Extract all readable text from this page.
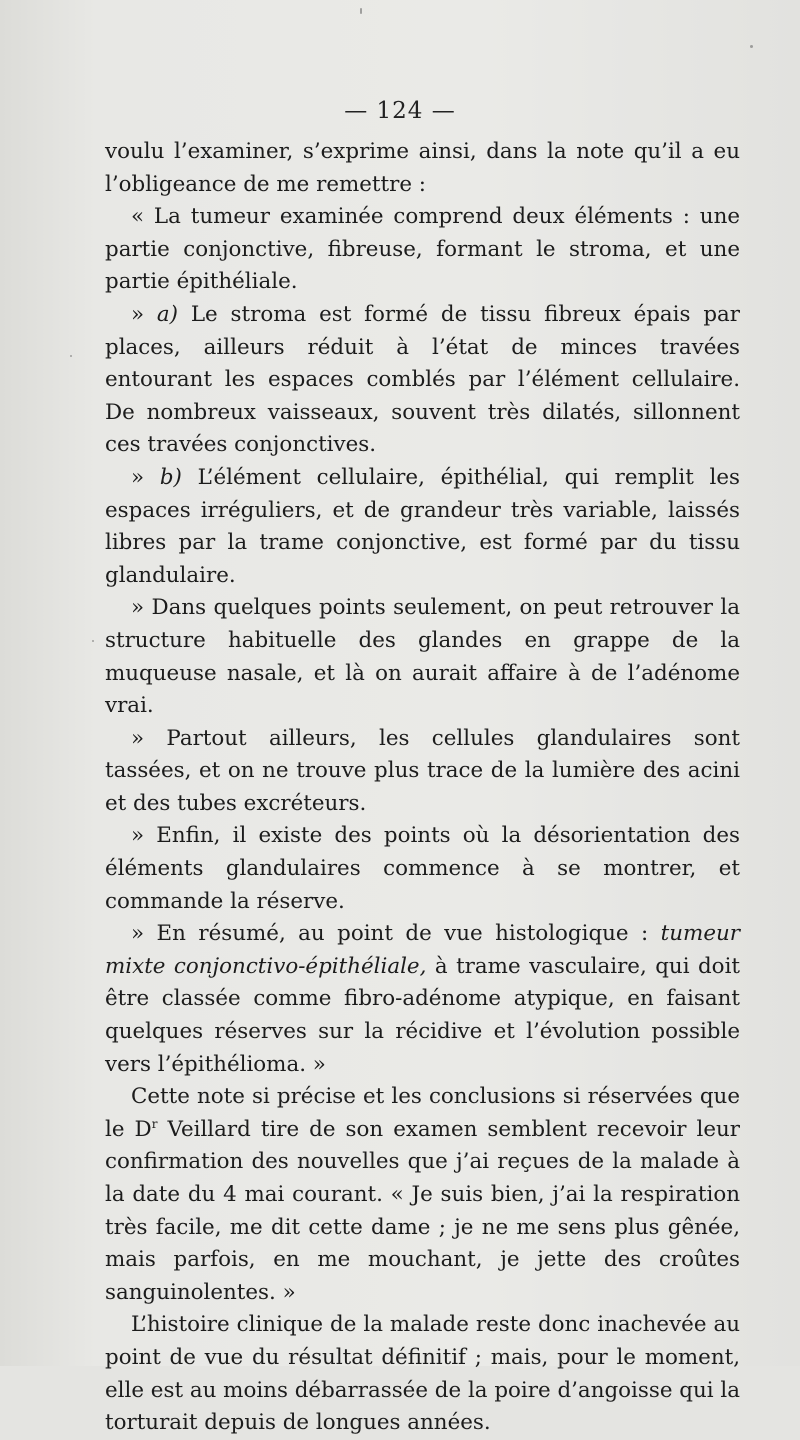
— 124 —

voulu l’examiner, s’exprime ainsi, dans la note qu’il a eu l’obligeance de me remettre :

« La tumeur examinée comprend deux éléments : une partie conjonctive, fibreuse, formant le stroma, et une partie épithéliale.

» a) Le stroma est formé de tissu fibreux épais par places, ailleurs réduit à l’état de minces travées entourant les espaces comblés par l’élément cellulaire. De nombreux vaisseaux, souvent très dilatés, sillonnent ces travées conjonctives.

» b) L’élément cellulaire, épithélial, qui remplit les espaces irréguliers, et de grandeur très variable, laissés libres par la trame conjonctive, est formé par du tissu glandulaire.

» Dans quelques points seulement, on peut retrouver la structure habituelle des glandes en grappe de la muqueuse nasale, et là on aurait affaire à de l’adénome vrai.

» Partout ailleurs, les cellules glandulaires sont tassées, et on ne trouve plus trace de la lumière des acini et des tubes excréteurs.

» Enfin, il existe des points où la désorientation des éléments glandulaires commence à se montrer, et commande la réserve.

» En résumé, au point de vue histologique : tumeur mixte conjonctivo-épithéliale, à trame vasculaire, qui doit être classée comme fibro-adénome atypique, en faisant quelques réserves sur la récidive et l’évolution possible vers l’épithélioma. »

Cette note si précise et les conclusions si réservées que le $D^r$ Veillard tire de son examen semblent recevoir leur confirmation des nouvelles que j’ai reçues de la malade à la date du 4 mai courant. « Je suis bien, j’ai la respiration très facile, me dit cette dame ; je ne me sens plus gênée, mais parfois, en me mouchant, je jette des croûtes sanguinolentes. »

L’histoire clinique de la malade reste donc inachevée au point de vue du résultat définitif ; mais, pour le moment, elle est au moins débarrassée de la poire d’angoisse qui la torturait depuis de longues années.
